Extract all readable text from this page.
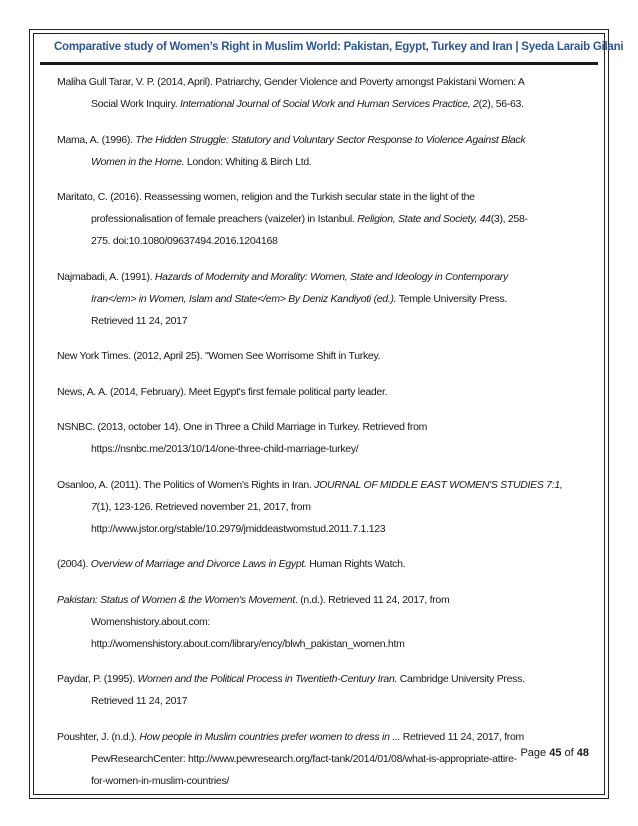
Comparative study of Women’s Right in Muslim World: Pakistan, Egypt, Turkey and Iran | Syeda Laraib Gilani
Maliha Gull Tarar, V. P. (2014, April). Patriarchy, Gender Violence and Poverty amongst Pakistani Women: A
Social Work Inquiry. International Journal of Social Work and Human Services Practice, 2(2), 56-63.
Mama, A. (1996). The Hidden Struggle: Statutory and Voluntary Sector Response to Violence Against Black
Women in the Home. London: Whiting & Birch Ltd.
Maritato, C. (2016). Reassessing women, religion and the Turkish secular state in the light of the
professionalisation of female preachers (vaizeler) in Istanbul. Religion, State and Society, 44(3), 258-
275. doi:10.1080/09637494.2016.1204168
Najmabadi, A. (1991). Hazards of Modernity and Morality: Women, State and Ideology in Contemporary
Iran</em> in Women, Islam and State</em> By Deniz Kandiyoti (ed.). Temple University Press.
Retrieved 11 24, 2017
New York Times. (2012, April 25). "Women See Worrisome Shift in Turkey.
News, A. A. (2014, February). Meet Egypt's first female political party leader.
NSNBC. (2013, october 14). One in Three a Child Marriage in Turkey. Retrieved from
https://nsnbc.me/2013/10/14/one-three-child-marriage-turkey/
Osanloo, A. (2011). The Politics of Women's Rights in Iran. JOURNAL OF MIDDLE EAST WOMEN'S STUDIES 7:1,
7(1), 123-126. Retrieved november 21, 2017, from
http://www.jstor.org/stable/10.2979/jmiddeastwomstud.2011.7.1.123
(2004). Overview of Marriage and Divorce Laws in Egypt. Human Rights Watch.
Pakistan: Status of Women & the Women's Movement. (n.d.). Retrieved 11 24, 2017, from
Womenshistory.about.com:
http://womenshistory.about.com/library/ency/blwh_pakistan_women.htm
Paydar, P. (1995). Women and the Political Process in Twentieth-Century Iran. Cambridge University Press.
Retrieved 11 24, 2017
Poushter, J. (n.d.). How people in Muslim countries prefer women to dress in ... Retrieved 11 24, 2017, from
PewResearchCenter: http://www.pewresearch.org/fact-tank/2014/01/08/what-is-appropriate-attire-
for-women-in-muslim-countries/
Page 45 of 48
